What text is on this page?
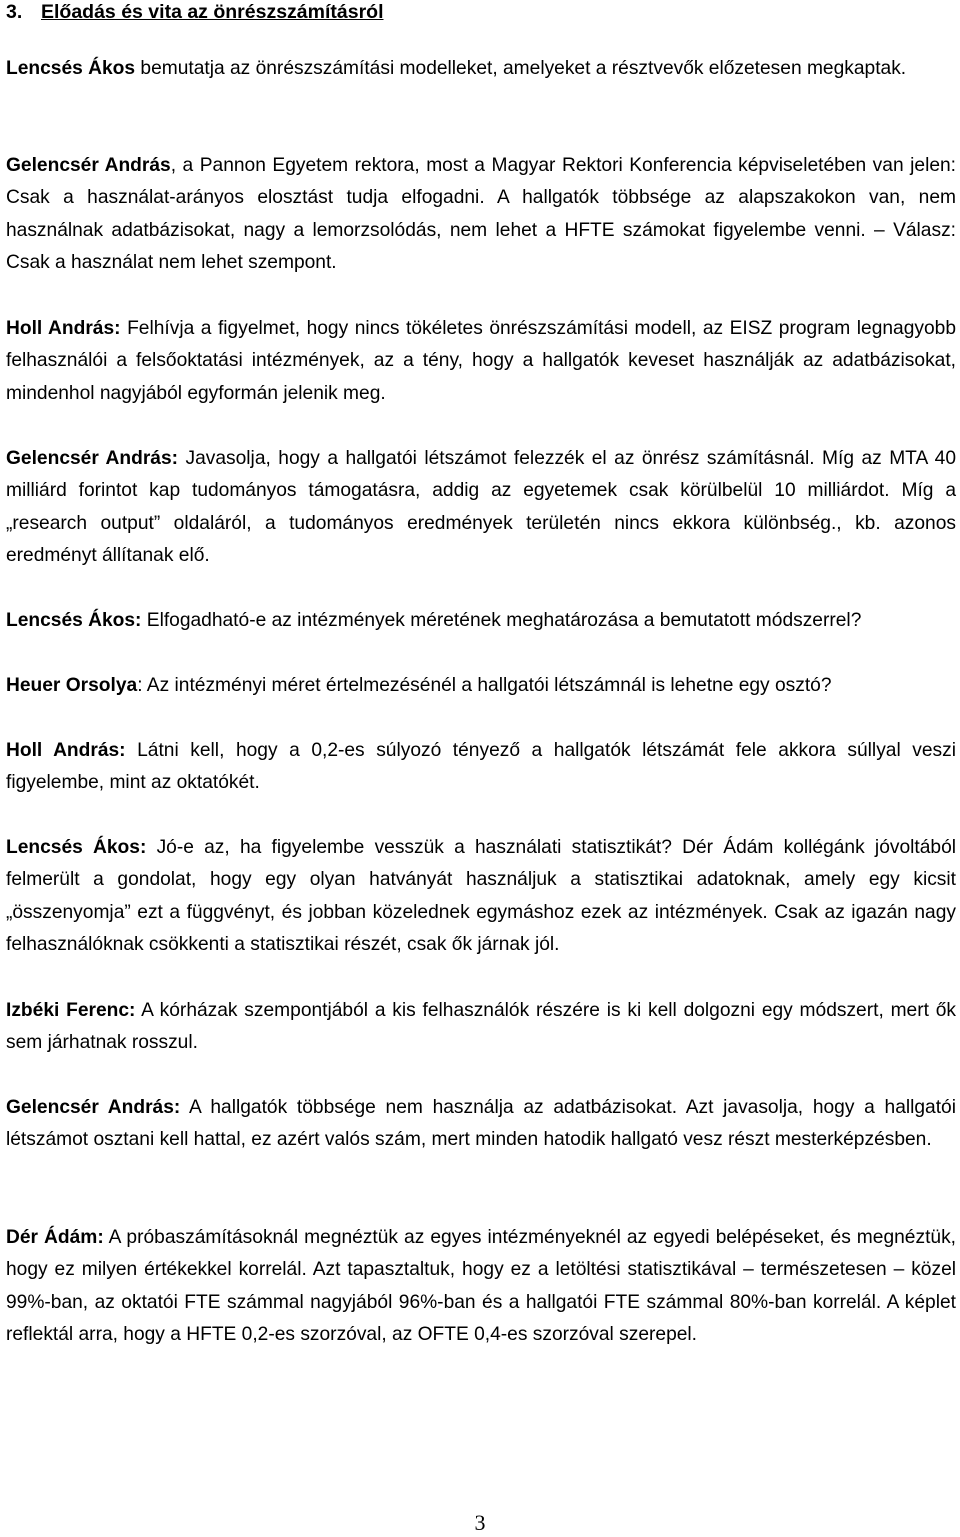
3. Előadás és vita az önrészszámításról

Lencsés Ákos bemutatja az önrészszámítási modelleket, amelyeket a résztvevők előzetesen megkaptak.

Gelencsér András, a Pannon Egyetem rektora, most a Magyar Rektori Konferencia képviseletében van jelen: Csak a használat-arányos elosztást tudja elfogadni. A hallgatók többsége az alapszakokon van, nem használnak adatbázisokat, nagy a lemorzsolódás, nem lehet a HFTE számokat figyelembe venni. – Válasz: Csak a használat nem lehet szempont.

Holl András: Felhívja a figyelmet, hogy nincs tökéletes önrészszámítási modell, az EISZ program legnagyobb felhasználói a felsőoktatási intézmények, az a tény, hogy a hallgatók keveset használják az adatbázisokat, mindenhol nagyjából egyformán jelenik meg.

Gelencsér András: Javasolja, hogy a hallgatói létszámot felezzék el az önrész számításnál. Míg az MTA 40 milliárd forintot kap tudományos támogatásra, addig az egyetemek csak körülbelül 10 milliárdot. Míg a „research output” oldaláról, a tudományos eredmények területén nincs ekkora különbség., kb. azonos eredményt állítanak elő.

Lencsés Ákos: Elfogadható-e az intézmények méretének meghatározása a bemutatott módszerrel?

Heuer Orsolya: Az intézményi méret értelmezésénél a hallgatói létszámnál is lehetne egy osztó?

Holl András: Látni kell, hogy a 0,2-es súlyozó tényező a hallgatók létszámát fele akkora súllyal veszi figyelembe, mint az oktatókét.

Lencsés Ákos: Jó-e az, ha figyelembe vesszük a használati statisztikát? Dér Ádám kollégánk jóvoltából felmerült a gondolat, hogy egy olyan hatványát használjuk a statisztikai adatoknak, amely egy kicsit „összenyomja” ezt a függvényt, és jobban közelednek egymáshoz ezek az intézmények. Csak az igazán nagy felhasználóknak csökkenti a statisztikai részét, csak ők járnak jól.

Izbéki Ferenc: A kórházak szempontjából a kis felhasználók részére is ki kell dolgozni egy módszert, mert ők sem járhatnak rosszul.

Gelencsér András: A hallgatók többsége nem használja az adatbázisokat. Azt javasolja, hogy a hallgatói létszámot osztani kell hattal, ez azért valós szám, mert minden hatodik hallgató vesz részt mesterképzésben.

Dér Ádám: A próbaszámításoknál megnéztük az egyes intézményeknél az egyedi belépéseket, és megnéztük, hogy ez milyen értékekkel korrelál. Azt tapasztaltuk, hogy ez a letöltési statisztikával – természetesen – közel 99%-ban, az oktatói FTE számmal nagyjából 96%-ban és a hallgatói FTE számmal 80%-ban korrelál. A képlet reflektál arra, hogy a HFTE 0,2-es szorzóval, az OFTE 0,4-es szorzóval szerepel.

3
